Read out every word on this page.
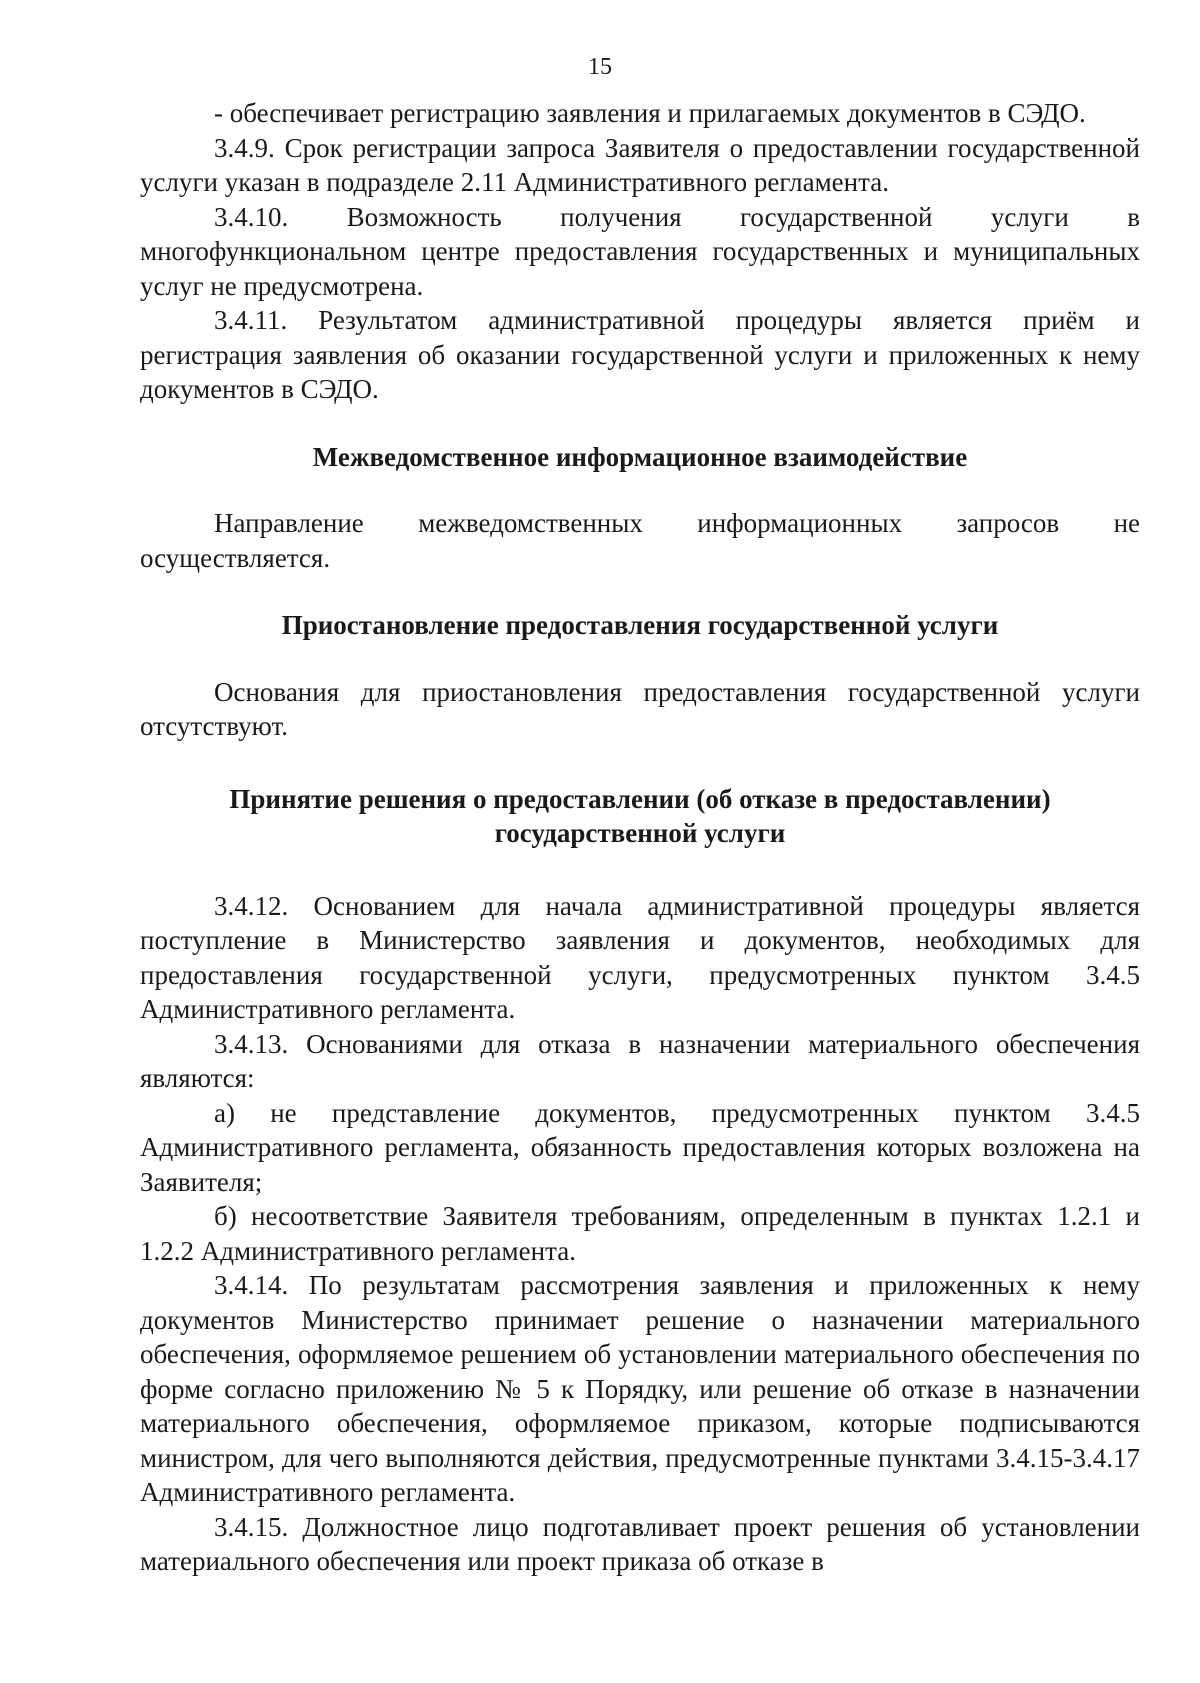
15

- обеспечивает регистрацию заявления и прилагаемых документов в СЭДО.

3.4.9. Срок регистрации запроса Заявителя о предоставлении государственной услуги указан в подразделе 2.11 Административного регламента.

3.4.10. Возможность получения государственной услуги в многофункциональном центре предоставления государственных и муниципальных услуг не предусмотрена.

3.4.11. Результатом административной процедуры является приём и регистрация заявления об оказании государственной услуги и приложенных к нему документов в СЭДО.

Межведомственное информационное взаимодействие

Направление межведомственных информационных запросов не осуществляется.

Приостановление предоставления государственной услуги

Основания для приостановления предоставления государственной услуги отсутствуют.

Принятие решения о предоставлении (об отказе в предоставлении)
государственной услуги

3.4.12. Основанием для начала административной процедуры является поступление в Министерство заявления и документов, необходимых для предоставления государственной услуги, предусмотренных пунктом 3.4.5 Административного регламента.

3.4.13. Основаниями для отказа в назначении материального обеспечения являются:

а) не представление документов, предусмотренных пунктом 3.4.5 Административного регламента, обязанность предоставления которых возложена на Заявителя;

б) несоответствие Заявителя требованиям, определенным в пунктах 1.2.1 и 1.2.2 Административного регламента.

3.4.14. По результатам рассмотрения заявления и приложенных к нему документов Министерство принимает решение о назначении материального обеспечения, оформляемое решением об установлении материального обеспечения по форме согласно приложению № 5 к Порядку, или решение об отказе в назначении материального обеспечения, оформляемое приказом, которые подписываются министром, для чего выполняются действия, предусмотренные пунктами 3.4.15-3.4.17 Административного регламента.

3.4.15. Должностное лицо подготавливает проект решения об установлении материального обеспечения или проект приказа об отказе в
